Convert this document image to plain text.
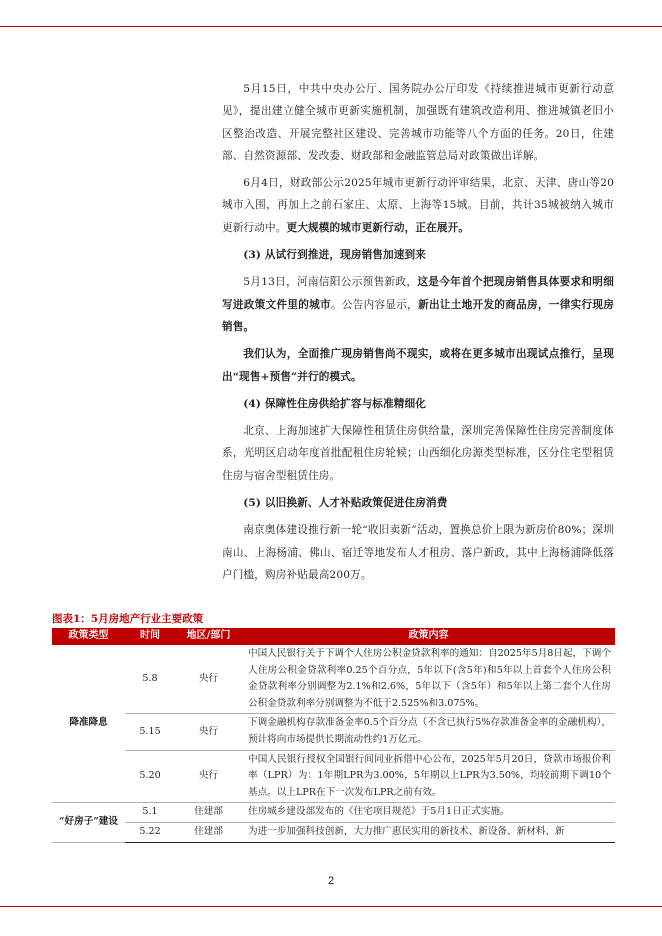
5月15日，中共中央办公厅、国务院办公厅印发《持续推进城市更新行动意见》，提出建立健全城市更新实施机制，加强既有建筑改造利用、推进城镇老旧小区整治改造、开展完整社区建设、完善城市功能等八个方面的任务。20日，住建部、自然资源部、发改委、财政部和金融监管总局对政策做出详解。

6月4日，财政部公示2025年城市更新行动评审结果，北京、天津、唐山等20城市入围，再加上之前石家庄、太原、上海等15城。目前，共计35城被纳入城市更新行动中。更大规模的城市更新行动，正在展开。

(3) 从试行到推进，现房销售加速到来

5月13日，河南信阳公示预售新政，这是今年首个把现房销售具体要求和明细写进政策文件里的城市。公告内容显示，新出让土地开发的商品房，一律实行现房销售。

我们认为，全面推广现房销售尚不现实，或将在更多城市出现试点推行，呈现出“现售+预售”并行的模式。

(4) 保障性住房供给扩容与标准精细化

北京、上海加速扩大保障性租赁住房供给量，深圳完善保障性住房完善制度体系，光明区启动年度首批配租住房轮候；山西细化房源类型标准，区分住宅型租赁住房与宿舍型租赁住房。

(5) 以旧换新、人才补贴政策促进住房消费

南京奥体建设推行新一轮“收旧卖新”活动，置换总价上限为新房价80%；深圳南山、上海杨浦、佛山、宿迁等地发布人才租房、落户新政，其中上海杨浦降低落户门槛，购房补贴最高200万。

图表1：5月房地产行业主要政策
政策类型	时间	地区/部门	政策内容
降准降息	5.8	央行	中国人民银行关于下调个人住房公积金贷款利率的通知：自2025年5月8日起，下调个人住房公积金贷款利率0.25个百分点，5年以下(含5年)和5年以上首套个人住房公积金贷款利率分别调整为2.1%和2.6%，5年以下（含5年）和5年以上第二套个人住房公积金贷款利率分别调整为不低于2.525%和3.075%。
	5.15	央行	下调金融机构存款准备金率0.5个百分点（不含已执行5%存款准备金率的金融机构），预计将向市场提供长期流动性约1万亿元。
	5.20	央行	中国人民银行授权全国银行间同业拆借中心公布，2025年5月20日，贷款市场报价利率（LPR）为：1年期LPR为3.00%，5年期以上LPR为3.50%，均较前期下调10个基点。以上LPR在下一次发布LPR之前有效。
“好房子”建设	5.1	住建部	住房城乡建设部发布的《住宅项目规范》于5月1日正式实施。
	5.22	住建部	为进一步加强科技创新，大力推广惠民实用的新技术、新设备、新材料、新
2
